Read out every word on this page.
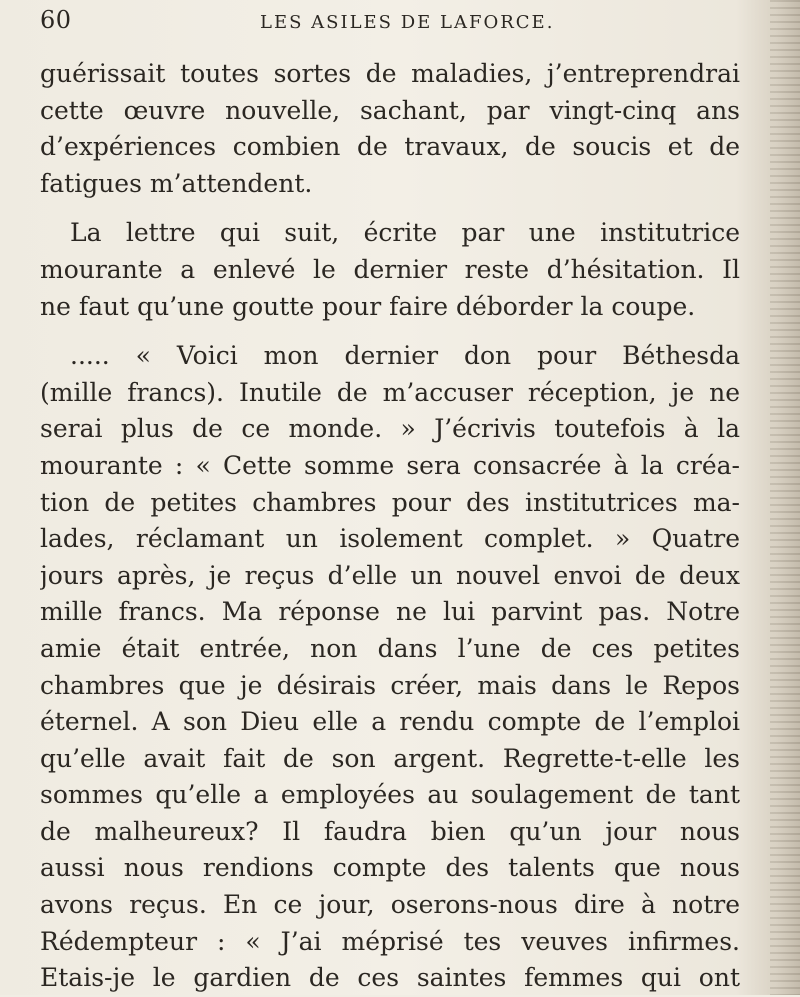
60	LES ASILES DE LAFORCE.
guérissait toutes sortes de maladies, j’entreprendrai
cette œuvre nouvelle, sachant, par vingt-cinq ans
d’expériences combien de travaux, de soucis et de
fatigues m’attendent.
La lettre qui suit, écrite par une institutrice
mourante a enlevé le dernier reste d’hésitation. Il
ne faut qu’une goutte pour faire déborder la coupe.
..... « Voici mon dernier don pour Béthesda
(mille francs). Inutile de m’accuser réception, je ne
serai plus de ce monde. » J’écrivis toutefois à la
mourante : « Cette somme sera consacrée à la créa-
tion de petites chambres pour des institutrices ma-
lades, réclamant un isolement complet. » Quatre
jours après, je reçus d’elle un nouvel envoi de deux
mille francs. Ma réponse ne lui parvint pas. Notre
amie était entrée, non dans l’une de ces petites
chambres que je désirais créer, mais dans le Repos
éternel. A son Dieu elle a rendu compte de l’emploi
qu’elle avait fait de son argent. Regrette-t-elle les
sommes qu’elle a employées au soulagement de tant
de malheureux? Il faudra bien qu’un jour nous
aussi nous rendions compte des talents que nous
avons reçus. En ce jour, oserons-nous dire à notre
Rédempteur : « J’ai méprisé tes veuves infirmes.
Etais-je le gardien de ces saintes femmes qui ont
